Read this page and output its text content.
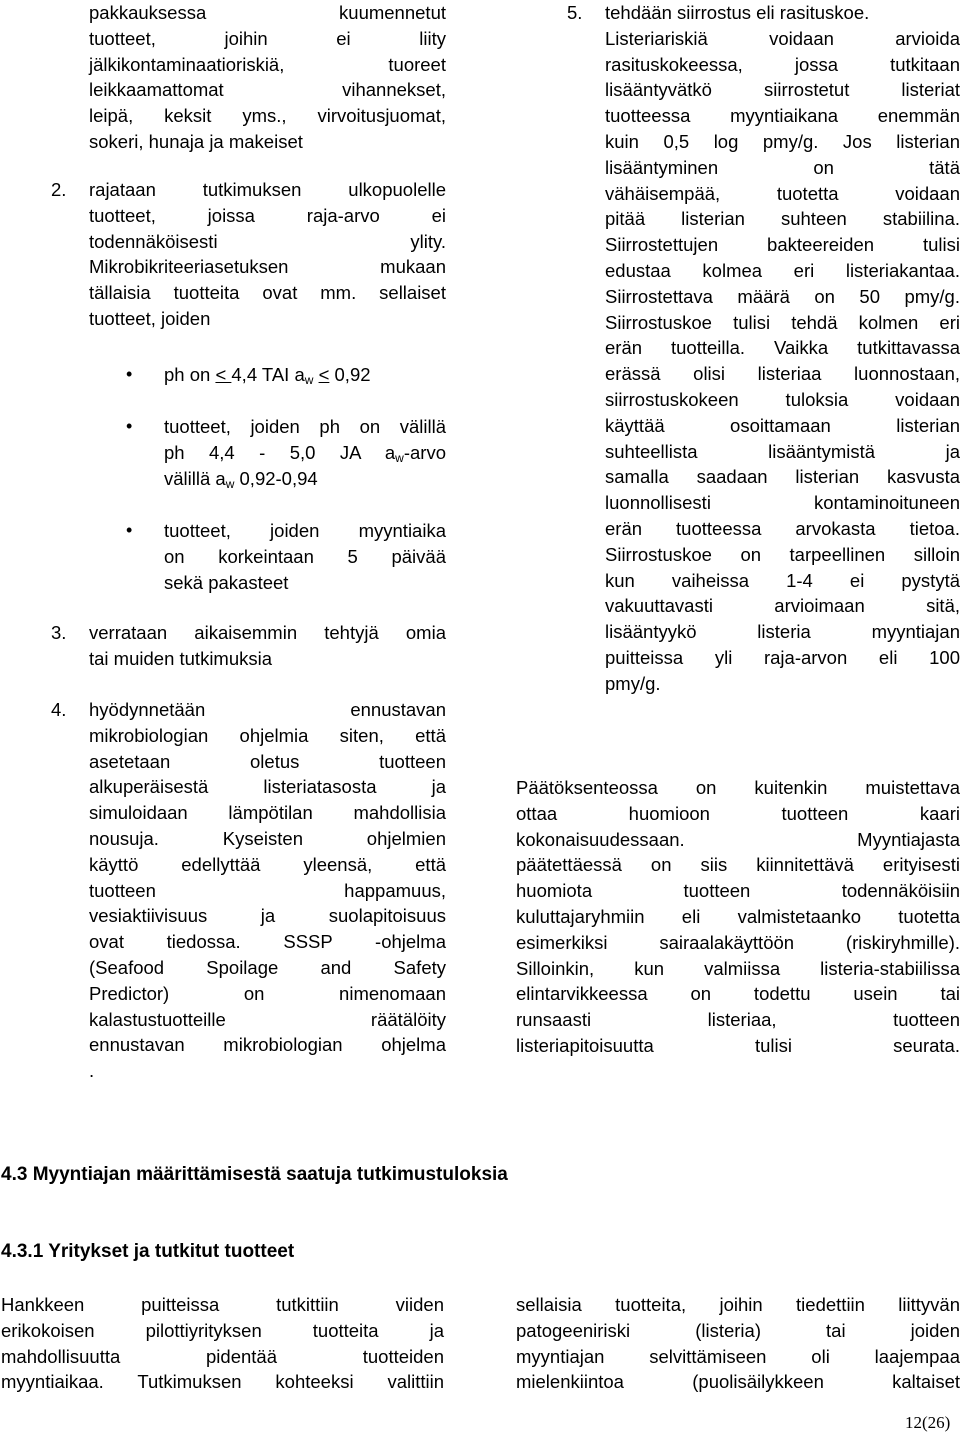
pakkauksessa kuumennetut

tuotteet, joihin ei liity

jälkikontaminaatioriskiä, tuoreet

leikkaamattomat vihannekset,

leipä, keksit yms., virvoitusjuomat,

sokeri, hunaja ja makeiset

2. rajataan tutkimuksen ulkopuolelle

tuotteet, joissa raja-arvo ei

todennäköisesti ylity.

Mikrobikriteeriasetuksen mukaan

tällaisia tuotteita ovat mm. sellaiset

tuotteet, joiden

• ph on < 4,4 TAI $a_w < 0,92$

• tuotteet, joiden ph on välillä

ph 4,4 - 5,0 JA $a_w$-arvo

välillä $a_w$ 0,92-0,94

• tuotteet, joiden myyntiaika

on korkeintaan 5 päivää

sekä pakasteet

3. verrataan aikaisemmin tehtyjä omia

tai muiden tutkimuksia

4. hyödynnetään ennustavan

mikrobiologian ohjelmia siten, että

asetetaan oletus tuotteen

alkuperäisestä listeriatasosta ja

simuloidaan lämpötilan mahdollisia

nousuja. Kyseisten ohjelmien

käyttö edellyttää yleensä, että

tuotteen happamuus,

vesiaktiivisuus ja suolapitoisuus

ovat tiedossa. SSSP -ohjelma

(Seafood Spoilage and Safety

Predictor) on nimenomaan

kalastustuotteille räätälöity

ennustavan mikrobiologian ohjelma

.

5. tehdään siirrostus eli rasituskoe.

Listeriariskiä voidaan arvioida

rasituskokeessa, jossa tutkitaan

lisääntyvätkö siirrostetut listeriat

tuotteessa myyntiaikana enemmän

kuin 0,5 log pmy/g. Jos listerian

lisääntyminen on tätä

vähäisempää, tuotetta voidaan

pitää listerian suhteen stabiilina.

Siirrostettujen bakteereiden tulisi

edustaa kolmea eri listeriakantaa.

Siirrostettava määrä on 50 pmy/g.

Siirrostuskoe tulisi tehdä kolmen eri

erän tuotteilla. Vaikka tutkittavassa

erässä olisi listeriaa luonnostaan,

siirrostuskokeen tuloksia voidaan

käyttää osoittamaan listerian

suhteellista lisääntymistä ja

samalla saadaan listerian kasvusta

luonnollisesti kontaminoituneen

erän tuotteessa arvokasta tietoa.

Siirrostuskoe on tarpeellinen silloin

kun vaiheissa 1-4 ei pystytä

vakuuttavasti arvioimaan sitä,

lisääntyykö listeria myyntiajan

puitteissa yli raja-arvon eli 100

pmy/g.

Päätöksenteossa on kuitenkin muistettava

ottaa huomioon tuotteen kaari

kokonaisuudessaan. Myyntiajasta

päätettäessä on siis kiinnitettävä erityisesti

huomiota tuotteen todennäköisiin

kuluttajaryhmiin eli valmistetaanko tuotetta

esimerkiksi sairaalakäyttöön (riskiryhmille).

Silloinkin, kun valmiissa listeria-stabiilissa

elintarvikkeessa on todettu usein tai

runsaasti listeriaa, tuotteen

listeriapitoisuutta tulisi seurata.

4.3 Myyntiajan määrittämisestä saatuja tutkimustuloksia
4.3.1 Yritykset ja tutkitut tuotteet

Hankkeen puitteissa tutkittiin viiden

erikokoisen pilottiyrityksen tuotteita ja

mahdollisuutta pidentää tuotteiden

myyntiaikaa. Tutkimuksen kohteeksi valittiin

sellaisia tuotteita, joihin tiedettiin liittyvän

patogeeniriski (listeria) tai joiden

myyntiajan selvittämiseen oli laajempaa

mielenkiintoa (puolisäilykkeen kaltaiset

12(26)
